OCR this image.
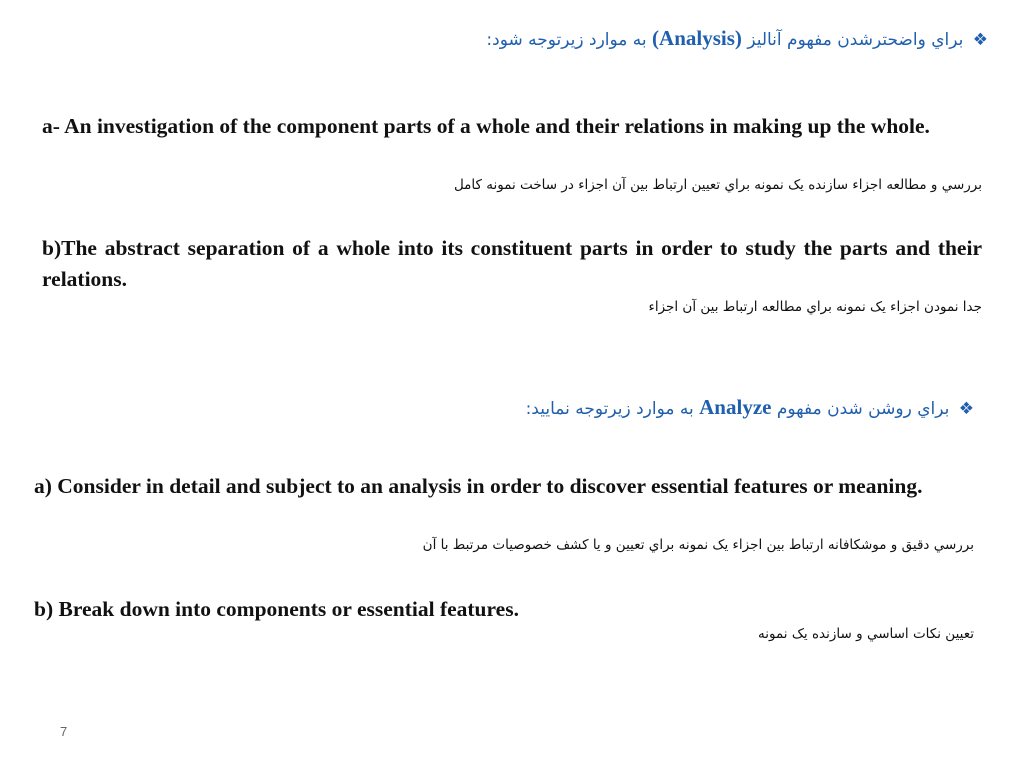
❖ براي واضحترشدن مفهوم آناليز (Analysis) به موارد زيرتوجه شود:
a- An investigation of the component parts of a whole and their relations in making up the whole.
بررسي و مطالعه اجزاء سازنده یک نمونه براي تعيين ارتباط بين آن اجزاء در ساخت نمونه كامل
b)The abstract separation of a whole into its constituent parts in order to study the parts and their relations.
جدا نمودن اجزاء یک نمونه براي مطالعه ارتباط بين آن اجزاء
❖ براي روشن شدن مفهوم Analyze به موارد زيرتوجه نماييد:
a) Consider in detail and subject to an analysis in order to discover essential features or meaning.
بررسي دقيق و موشكافانه ارتباط بين اجزاء یک نمونه براي تعيين و يا كشف خصوصيات مرتبط با آن
b) Break down into components or essential features.
تعيين نكات اساسي و سازنده یک نمونه
7
